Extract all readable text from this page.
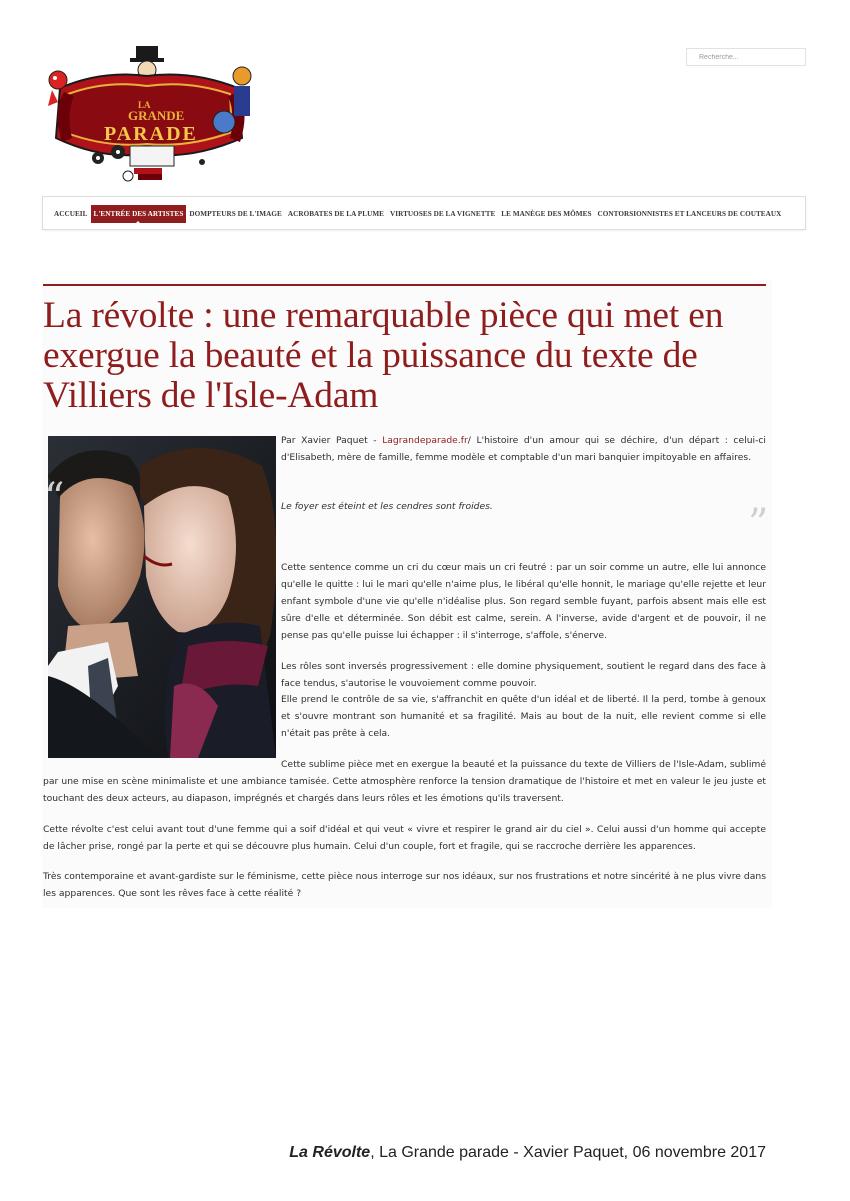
LA
GRANDE
PARADE
Recherche...
ACCUEIL L'ENTRÉE DES ARTISTES DOMPTEURS DE L'IMAGE ACROBATES DE LA PLUME VIRTUOSES DE LA VIGNETTE LE MANÈGE DES MÔMES CONTORSIONNISTES ET LANCEURS DE COUTEAUX
La révolte : une remarquable pièce qui met en exergue la beauté et la puissance du texte de Villiers de l'Isle-Adam
“
”

Par Xavier Paquet - Lagrandeparade.fr/ L'histoire d'un amour qui se déchire, d'un départ : celui-ci d'Elisabeth, mère de famille, femme modèle et comptable d'un mari banquier impitoyable en affaires.

Le foyer est éteint et les cendres sont froides.

Cette sentence comme un cri du cœur mais un cri feutré : par un soir comme un autre, elle lui annonce qu'elle le quitte : lui le mari qu'elle n'aime plus, le libéral qu'elle honnit, le mariage qu'elle rejette et leur enfant symbole d'une vie qu'elle n'idéalise plus. Son regard semble fuyant, parfois absent mais elle est sûre d'elle et déterminée. Son débit est calme, serein. A l'inverse, avide d'argent et de pouvoir, il ne pense pas qu'elle puisse lui échapper : il s'interroge, s'affole, s'énerve.

Les rôles sont inversés progressivement : elle domine physiquement, soutient le regard dans des face à face tendus, s'autorise le vouvoiement comme pouvoir.

Elle prend le contrôle de sa vie, s'affranchit en quête d'un idéal et de liberté. Il la perd, tombe à genoux et s'ouvre montrant son humanité et sa fragilité. Mais au bout de la nuit, elle revient comme si elle n'était pas prête à cela.

Cette sublime pièce met en exergue la beauté et la puissance du texte de Villiers de l'Isle-Adam, sublimé par une mise en scène minimaliste et une ambiance tamisée. Cette atmosphère renforce la tension dramatique de l'histoire et met en valeur le jeu juste et touchant des deux acteurs, au diapason, imprégnés et chargés dans leurs rôles et les émotions qu'ils traversent.

Cette révolte c'est celui avant tout d'une femme qui a soif d'idéal et qui veut « vivre et respirer le grand air du ciel ». Celui aussi d'un homme qui accepte de lâcher prise, rongé par la perte et qui se découvre plus humain. Celui d'un couple, fort et fragile, qui se raccroche derrière les apparences.

Très contemporaine et avant-gardiste sur le féminisme, cette pièce nous interroge sur nos idéaux, sur nos frustrations et notre sincérité à ne plus vivre dans les apparences. Que sont les rêves face à cette réalité ?

La Révolte, La Grande parade - Xavier Paquet, 06 novembre 2017
